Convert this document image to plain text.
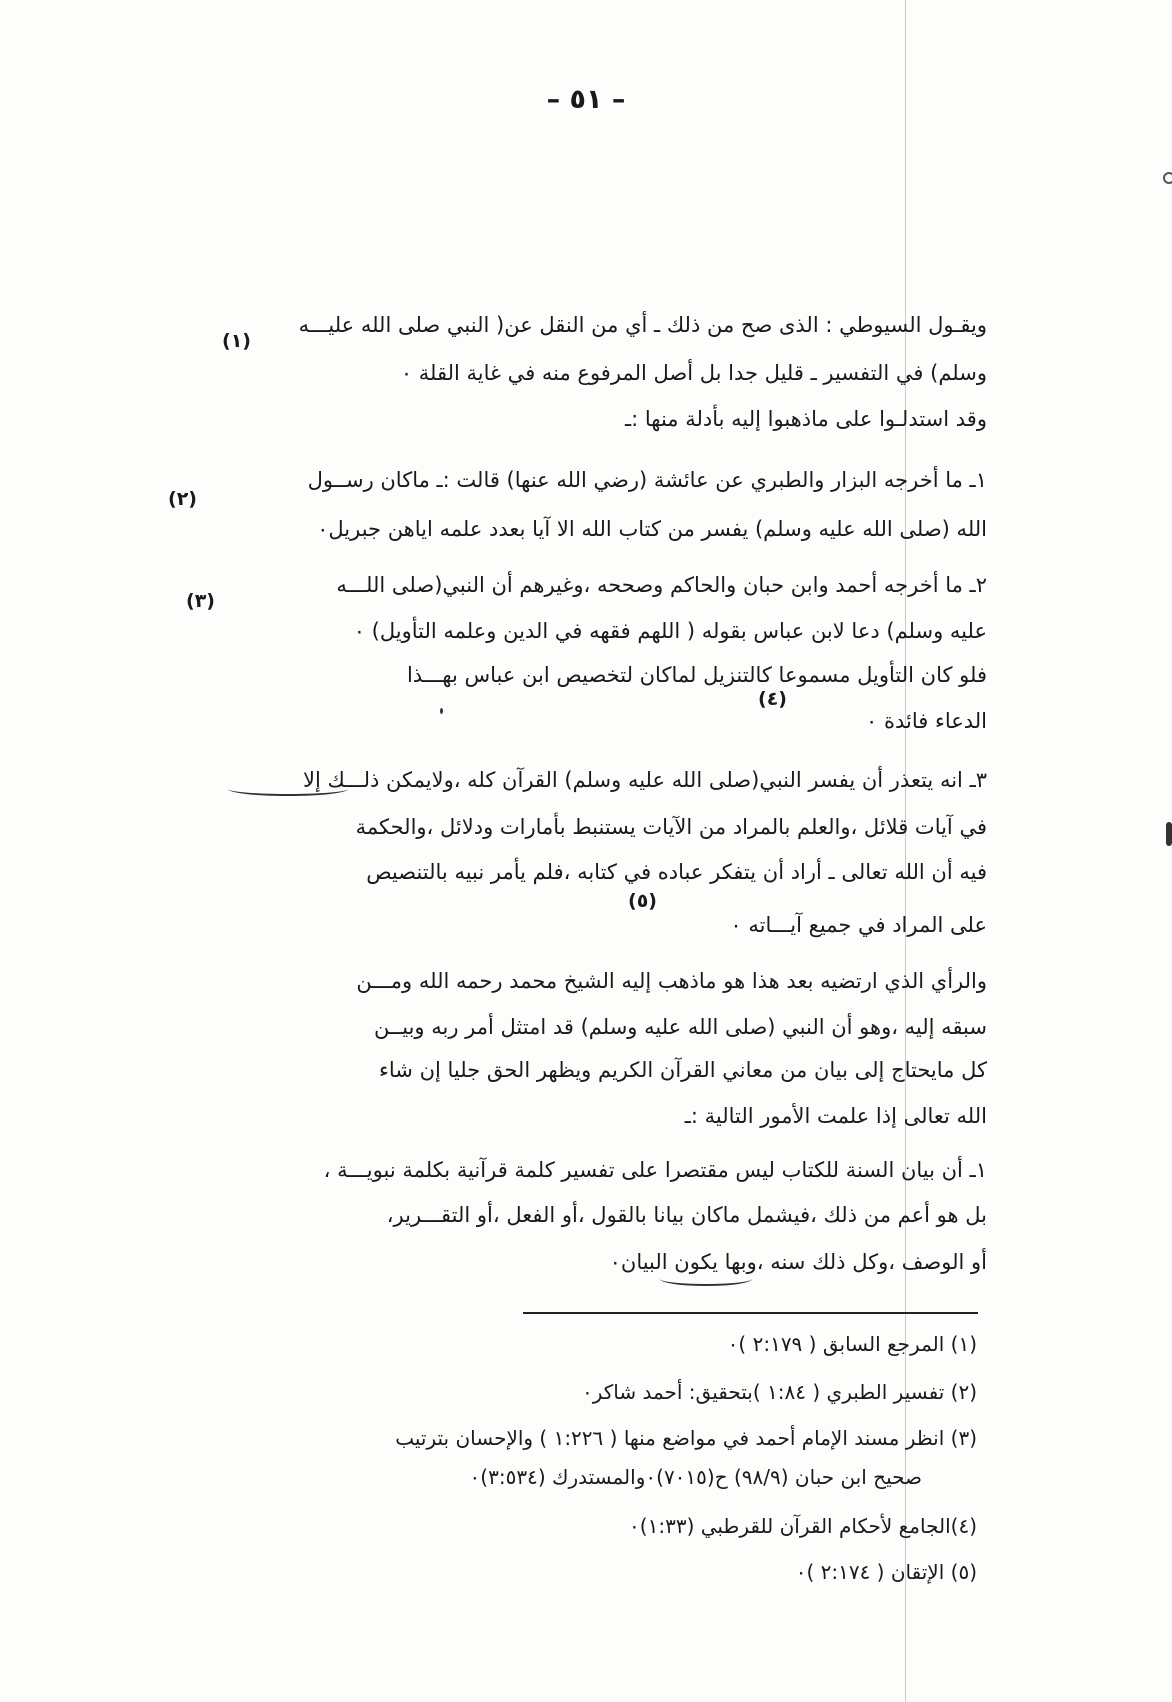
– ٥١ –
ويقـول السيوطي : الذى صح من ذلك ـ أي من النقل عن( النبي صلى الله عليـــه
وسلم) في التفسير ـ قليل جدا بل أصل المرفوع منه في غاية القلة ٠
وقد استدلـوا على ماذهبوا إليه بأدلة منها :ـ
١ـ ما أخرجه البزار والطبري عن عائشة (رضي الله عنها) قالت :ـ ماكان رســول
الله (صلى الله عليه وسلم) يفسر من كتاب الله الا آيا بعدد علمه اياهن جبريل٠
٢ـ ما أخرجه أحمد وابن حبان والحاكم وصححه ،وغيرهم أن النبي(صلى اللـــه
عليه وسلم) دعا لابن عباس بقوله ( اللهم فقهه في الدين وعلمه التأويل) ٠
فلو كان التأويل مسموعا كالتنزيل لماكان لتخصيص ابن عباس بهـــذا
الدعاء فائدة ٠
٣ـ انه يتعذر أن يفسر النبي(صلى الله عليه وسلم) القرآن كله ،ولايمكن ذلـــك إلا
في آيات قلائل ،والعلم بالمراد من الآيات يستنبط بأمارات ودلائل ،والحكمة
فيه أن الله تعالى ـ أراد أن يتفكر عباده في كتابه ،فلم يأمر نبيه بالتنصيص
على المراد في جميع آيـــاته ٠
والرأي الذي ارتضيه بعد هذا هو ماذهب إليه الشيخ محمد رحمه الله ومـــن
سبقه إليه ،وهو أن النبي (صلى الله عليه وسلم) قد امتثل أمر ربه وبيــن
كل مايحتاج إلى بيان من معاني القرآن الكريم ويظهر الحق جليا إن شاء
الله تعالى إذا علمت الأمور التالية :ـ
١ـ أن بيان السنة للكتاب ليس مقتصرا على تفسير كلمة قرآنية بكلمة نبويـــة ،
بل هو أعم من ذلك ،فيشمل ماكان بيانا بالقول ،أو الفعل ،أو التقـــرير،
أو الوصف ،وكل ذلك سنه ،وبها يكون البيان٠
(١)
(٢)
(٣)
(٤)
(٥)
(١) المرجع السابق ( ٢:١٧٩ )٠
(٢) تفسير الطبري ( ١:٨٤ )بتحقيق: أحمد شاكر٠
(٣) انظر مسند الإمام أحمد في مواضع منها ( ١:٢٢٦ ) والإحسان بترتيب
صحيح ابن حبان (٩٨/٩) ح(٧٠١٥)٠والمستدرك (٣:٥٣٤)٠
(٤)الجامع لأحكام القرآن للقرطبي (١:٣٣)٠
(٥) الإتقان ( ٢:١٧٤ )٠
